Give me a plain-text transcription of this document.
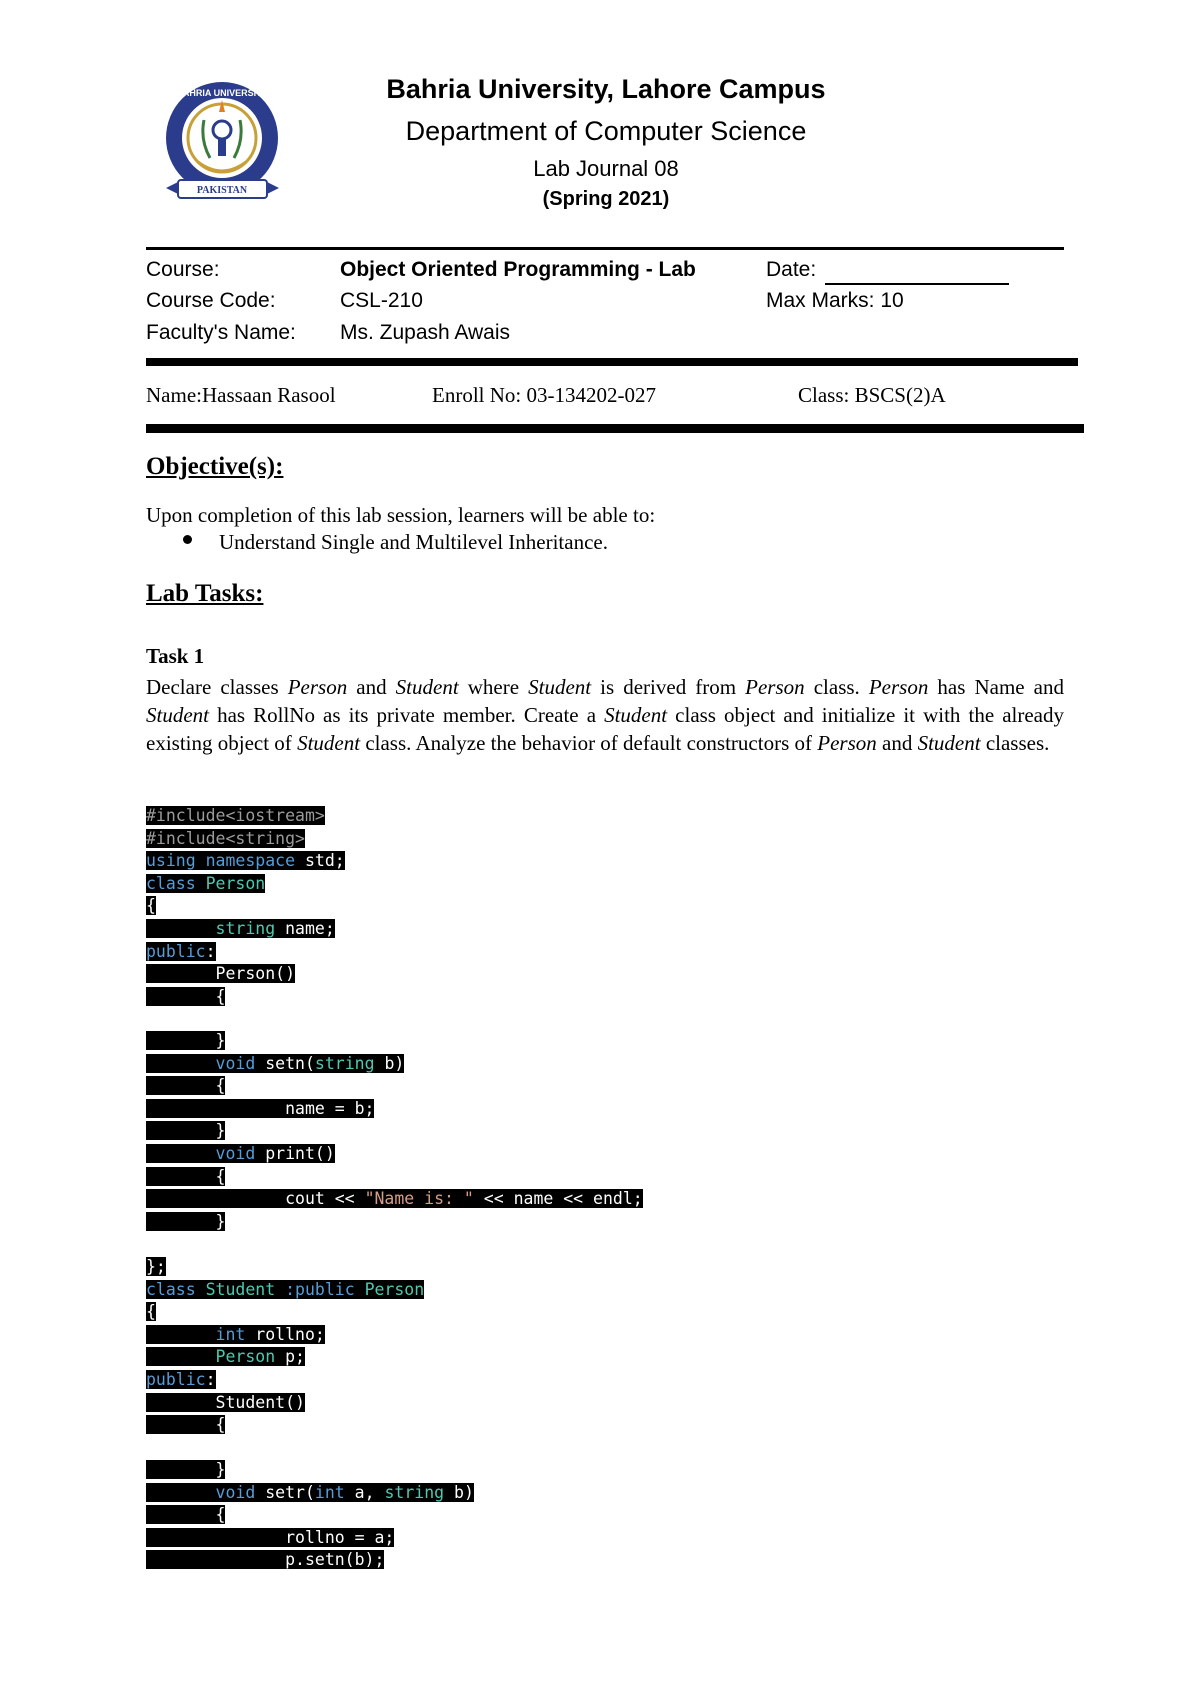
PAKISTAN
BAHRIA UNIVERSITY	Bahria University, Lahore Campus
Department of Computer Science
Lab Journal 08
(Spring 2021)
Course:	Object Oriented Programming - Lab	Date:
Course Code:	CSL-210	Max Marks: 10
Faculty's Name: Ms. Zupash Awais
Name:Hassaan Rasool	Enroll No: 03-134202-027	Class: BSCS(2)A
Objective(s):
Upon completion of this lab session, learners will be able to:
Understand Single and Multilevel Inheritance.
Lab Tasks:
Task 1

Declare classes Person and Student where Student is derived from Person class. Person has Name and Student has RollNo as its private member. Create a Student class object and initialize it with the already existing object of Student class. Analyze the behavior of default constructors of Person and Student classes.

#include<iostream>
#include<string>
using namespace std;
class Person
{
string name;
public:
Person()
{
}
void setn(string b)
{
name = b;
}
void print()
{
cout << "Name is: " << name << endl;
}
};
class Student :public Person
{
int rollno;
Person p;
public:
Student()
{
}
void setr(int a, string b)
{
rollno = a;
p.setn(b);
